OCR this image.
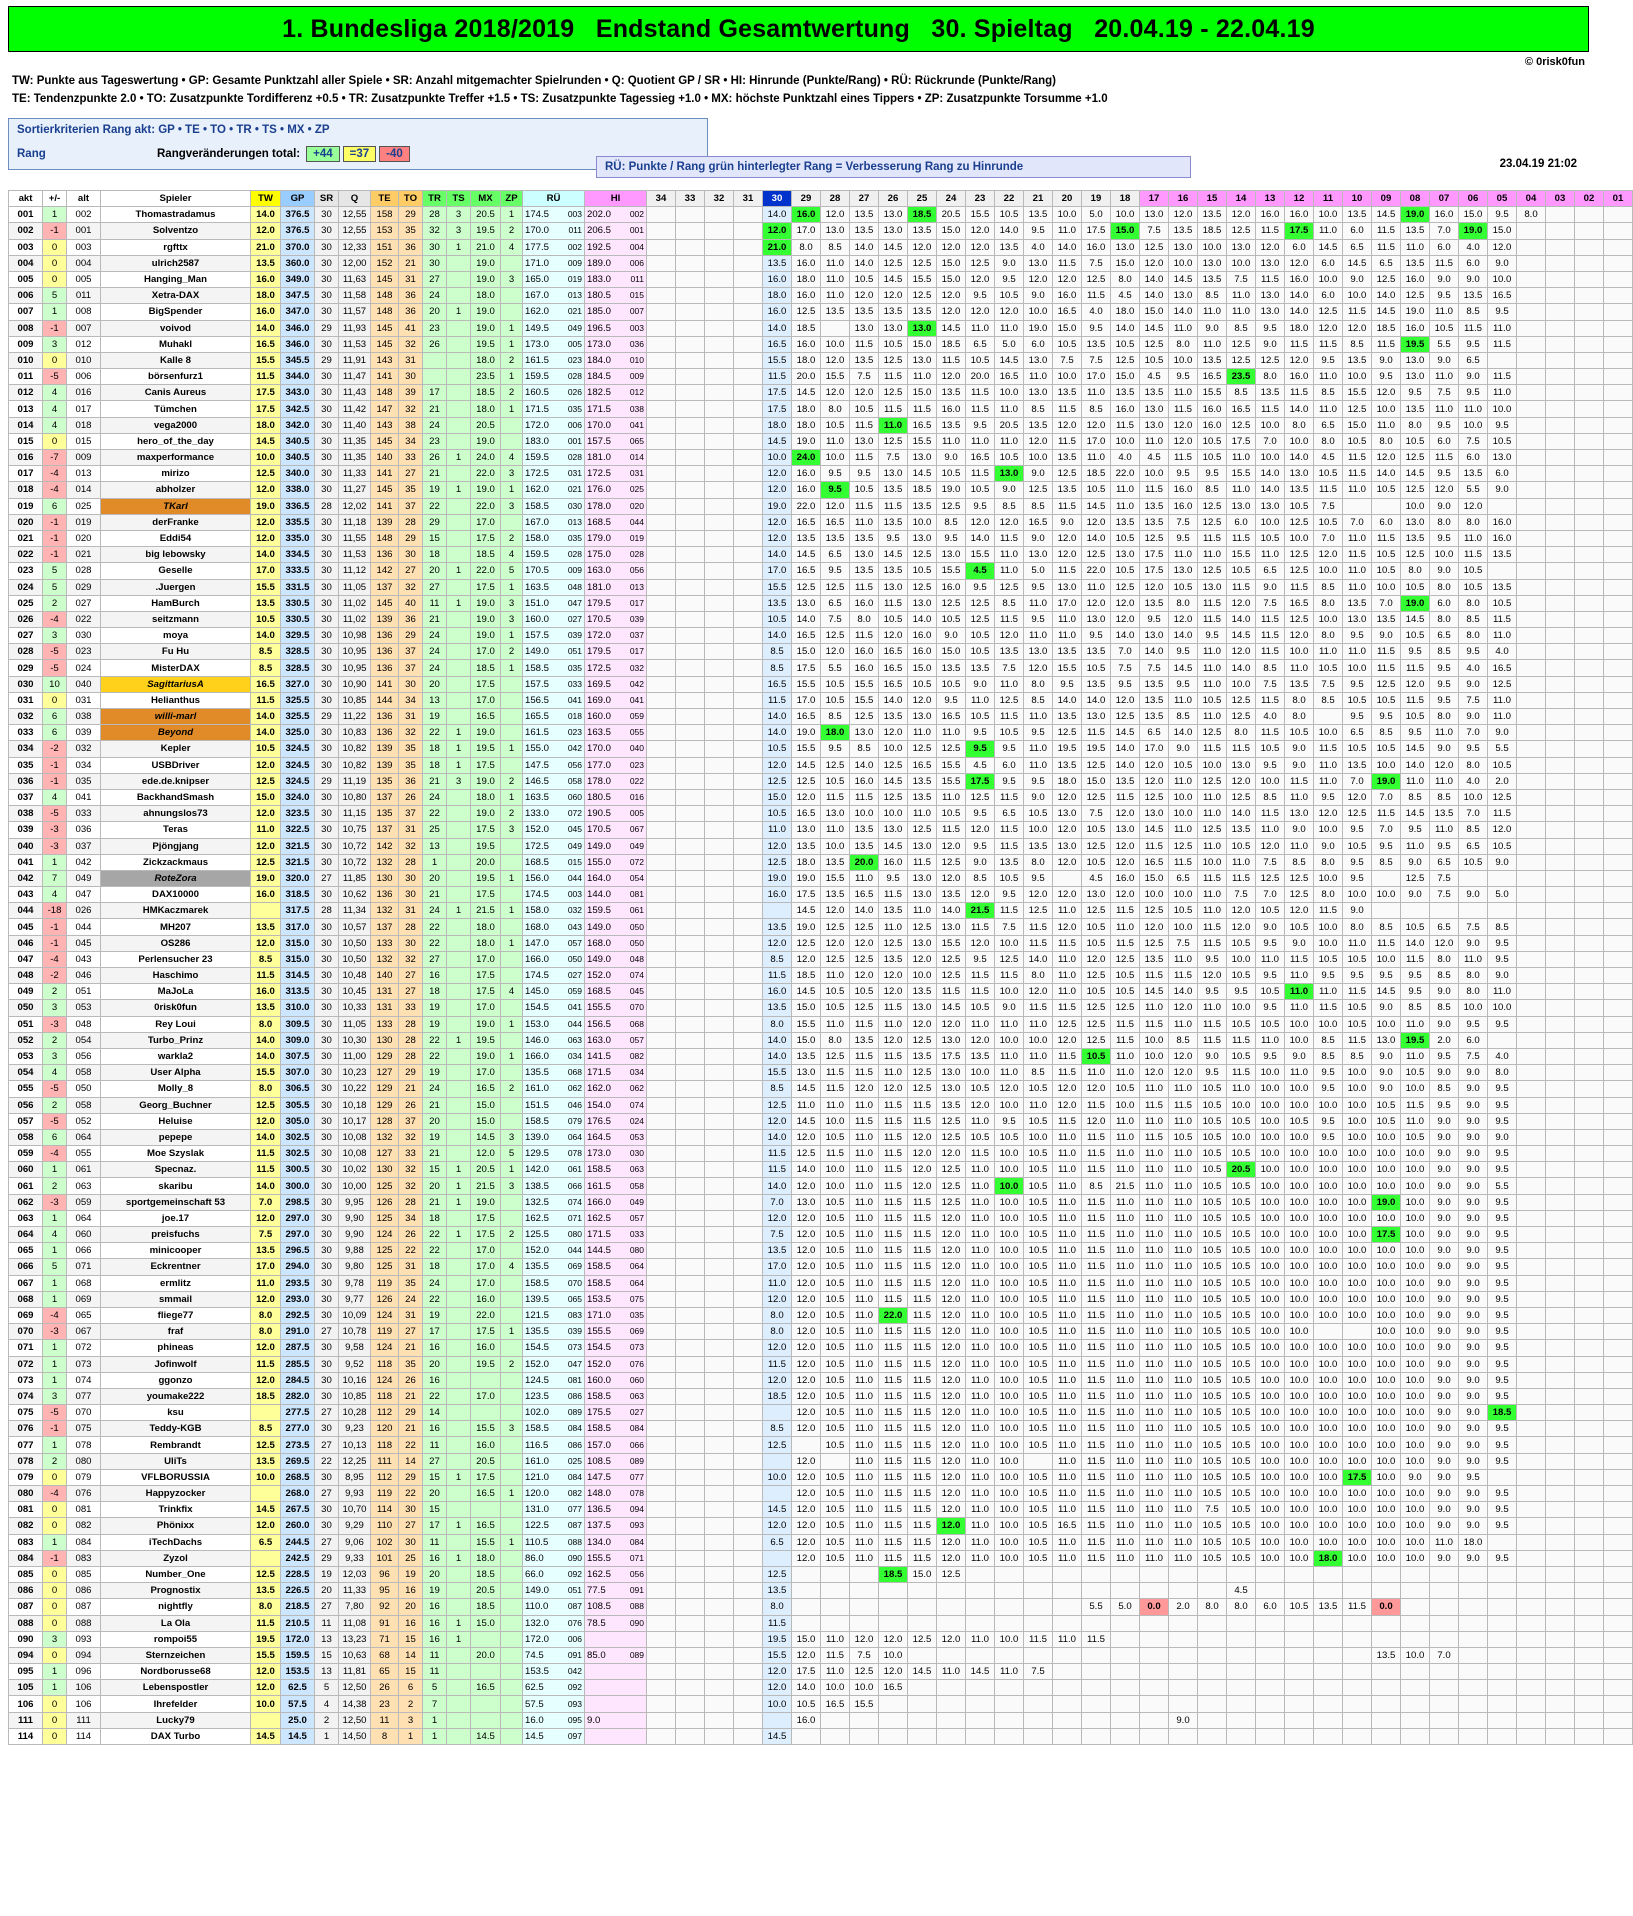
1. Bundesliga 2018/2019   Endstand Gesamtwertung   30. Spieltag   20.04.19 - 22.04.19
© 0risk0fun
TW: Punkte aus Tageswertung • GP: Gesamte Punktzahl aller Spiele • SR: Anzahl mitgemachter Spielrunden • Q: Quotient GP / SR • HI: Hinrunde (Punkte/Rang) • RÜ: Rückrunde (Punkte/Rang)
TE: Tendenzpunkte 2.0 • TO: Zusatzpunkte Tordifferenz +0.5 • TR: Zusatzpunkte Treffer +1.5 • TS: Zusatzpunkte Tagessieg +1.0 • MX: höchste Punktzahl eines Tippers • ZP: Zusatzpunkte Torsumme +1.0
Sortierkriterien Rang akt: GP • TE • TO • TR • TS • MX • ZP
Rang	Rangveränderungen total:	+44	=37	-40
RÜ: Punkte / Rang grün hinterlegter Rang = Verbesserung Rang zu Hinrunde	23.04.19 21:02
akt	+/-	alt	Spieler	TW	GP	SR	Q	TE	TO	TR	TS	MX	ZP	RÜ	HI	34	33	32	31	30	29	28	27	26	25	24	23	22	21	20	19	18	17	16	15	14	13	12	11	10	09	08	07	06	05	04	03	02	01
001	1	002	Thomastradamus	14.0	376.5	30	12,55	158	29	28	3	20.5	1	174.5 003	202.0 002					14.0	16.0	12.0	13.5	13.0	18.5	20.5	15.5	10.5	13.5	10.0	5.0	10.0	13.0	12.0	13.5	12.0	16.0	16.0	10.0	13.5	14.5	19.0	16.0	15.0	9.5	8.0			
002	-1	001	Solventzo	12.0	376.5	30	12,55	153	35	32	3	19.5	2	170.0 011	206.5 001					12.0	17.0	13.0	13.5	13.0	13.5	15.0	12.0	14.0	9.5	11.0	17.5	15.0	7.5	13.5	18.5	12.5	11.5	17.5	11.0	6.0	11.5	13.5	7.0	19.0	15.0				
003	0	003	rgfttx	21.0	370.0	30	12,33	151	36	30	1	21.0	4	177.5 002	192.5 004					21.0	8.0	8.5	14.0	14.5	12.0	12.0	12.0	13.5	4.0	14.0	16.0	13.0	12.5	13.0	10.0	13.0	12.0	6.0	14.5	6.5	11.5	11.0	6.0	4.0	12.0				
004	0	004	ulrich2587	13.5	360.0	30	12,00	152	21	30		19.0		171.0 009	189.0 006					13.5	16.0	11.0	14.0	12.5	12.5	15.0	12.5	9.0	13.0	11.5	7.5	15.0	12.0	10.0	13.0	10.0	13.0	12.0	6.0	14.5	6.5	13.5	11.5	6.0	9.0				
005	0	005	Hanging_Man	16.0	349.0	30	11,63	145	31	27		19.0	3	165.0 019	183.0 011					16.0	18.0	11.0	10.5	14.5	15.5	15.0	12.0	9.5	12.0	12.0	12.5	8.0	14.0	14.5	13.5	7.5	11.5	16.0	10.0	9.0	12.5	16.0	9.0	9.0	10.0				
006	5	011	Xetra-DAX	18.0	347.5	30	11,58	148	36	24		18.0		167.0 013	180.5 015					18.0	16.0	11.0	12.0	12.0	12.5	12.0	9.5	10.5	9.0	16.0	11.5	4.5	14.0	13.0	8.5	11.0	13.0	14.0	6.0	10.0	14.0	12.5	9.5	13.5	16.5				
007	1	008	BigSpender	16.0	347.0	30	11,57	148	36	20	1	19.0		162.0 021	185.0 007					16.0	12.5	13.5	13.5	13.5	13.5	12.0	12.0	12.0	10.0	16.5	4.0	18.0	15.0	14.0	11.0	11.0	13.0	14.0	12.5	11.5	14.5	19.0	11.0	8.5	9.5				
008	-1	007	voivod	14.0	346.0	29	11,93	145	41	23		19.0	1	149.5 049	196.5 003					14.0	18.5		13.0	13.0	13.0	14.5	11.0	11.0	19.0	15.0	9.5	14.0	14.5	11.0	9.0	8.5	9.5	18.0	12.0	12.0	18.5	16.0	10.5	11.5	11.0				
009	3	012	Muhakl	16.5	346.0	30	11,53	145	32	26		19.5	1	173.0 005	173.0 036					16.5	16.0	10.0	11.5	10.5	15.0	18.5	6.5	5.0	6.0	10.5	13.5	10.5	12.5	8.0	11.0	12.5	9.0	11.5	11.5	8.5	11.5	19.5	5.5	9.5	11.5				
010	0	010	Kalle 8	15.5	345.5	29	11,91	143	31			18.0	2	161.5 023	184.0 010					15.5	18.0	12.0	13.5	12.5	13.0	11.5	10.5	14.5	13.0	7.5	7.5	12.5	10.5	10.0	13.5	12.5	12.5	12.0	9.5	13.5	9.0	13.0	9.0	6.5					
011	-5	006	börsenfurz1	11.5	344.0	30	11,47	141	30			23.5	1	159.5 028	184.5 009					11.5	20.0	15.5	7.5	11.5	11.0	12.0	20.0	16.5	11.0	10.0	17.0	15.0	4.5	9.5	16.5	23.5	8.0	16.0	11.0	10.0	9.5	13.0	11.0	9.0	11.5				
012	4	016	Canis Aureus	17.5	343.0	30	11,43	148	39	17		18.5	2	160.5 026	182.5 012					17.5	14.5	12.0	12.0	12.5	15.0	13.5	11.5	10.0	13.0	13.5	11.0	13.5	13.5	11.0	15.5	8.5	13.5	11.5	8.5	15.5	12.0	9.5	7.5	9.5	11.0				
013	4	017	Tümchen	17.5	342.5	30	11,42	147	32	21		18.0	1	171.5 035	171.5 038					17.5	18.0	8.0	10.5	11.5	11.5	16.0	11.5	11.0	8.5	11.5	8.5	16.0	13.0	11.5	16.0	16.5	11.5	14.0	11.0	12.5	10.0	13.5	11.0	11.0	10.0				
014	4	018	vega2000	18.0	342.0	30	11,40	143	38	24		20.5		172.0 006	170.0 041					18.0	18.0	10.5	11.5	11.0	16.5	13.5	9.5	20.5	13.5	12.0	12.0	11.5	13.0	12.0	16.0	12.5	10.0	8.0	6.5	15.0	11.0	8.0	9.5	10.0	9.5				
015	0	015	hero_of_the_day	14.5	340.5	30	11,35	145	34	23		19.0		183.0 001	157.5 065					14.5	19.0	11.0	13.0	12.5	15.5	11.0	11.0	11.0	12.0	11.5	17.0	10.0	11.0	12.0	10.5	17.5	7.0	10.0	8.0	10.5	8.0	10.5	6.0	7.5	10.5				
016	-7	009	maxperformance	10.0	340.5	30	11,35	140	33	26	1	24.0	4	159.5 028	181.0 014					10.0	24.0	10.0	11.5	7.5	13.0	9.0	16.5	10.5	10.0	13.5	11.0	4.0	4.5	11.5	10.5	11.0	10.0	14.0	4.5	11.5	12.0	12.5	11.5	6.0	13.0				
017	-4	013	mirizo	12.5	340.0	30	11,33	141	27	21		22.0	3	172.5 031	172.5 031					12.0	16.0	9.5	9.5	13.0	14.5	10.5	11.5	13.0	9.0	12.5	18.5	22.0	10.0	9.5	9.5	15.5	14.0	13.0	10.5	11.5	14.0	14.5	9.5	13.5	6.0				
018	-4	014	abholzer	12.0	338.0	30	11,27	145	35	19	1	19.0	1	162.0 021	176.0 025					12.0	16.0	9.5	10.5	13.5	18.5	19.0	10.5	9.0	12.5	13.5	10.5	11.0	11.5	16.0	8.5	11.0	14.0	13.5	11.5	11.0	10.5	12.5	12.0	5.5	9.0				
019	6	025	TKarl	19.0	336.5	28	12,02	141	37	22		22.0	3	158.5 030	178.0 020					19.0	22.0	12.0	11.5	11.5	13.5	12.5	9.5	8.5	8.5	11.5	14.5	11.0	13.5	16.0	12.5	13.0	13.0	10.5	7.5			10.0	9.0	12.0					
020	-1	019	derFranke	12.0	335.5	30	11,18	139	28	29		17.0		167.0 013	168.5 044					12.0	16.5	16.5	11.0	13.5	10.0	8.5	12.0	12.0	16.5	9.0	12.0	13.5	13.5	7.5	12.5	6.0	10.0	12.5	10.5	7.0	6.0	13.0	8.0	8.0	16.0				
021	-1	020	Eddi54	12.0	335.0	30	11,55	148	29	15		17.5	2	158.0 035	179.0 019					12.0	13.5	13.5	13.5	9.5	13.0	9.5	14.0	11.5	9.0	12.0	14.0	10.5	12.5	9.5	11.5	11.5	10.5	10.0	7.0	11.0	11.5	13.5	9.5	11.0	16.0				
022	-1	021	big lebowsky	14.0	334.5	30	11,53	136	30	18		18.5	4	159.5 028	175.0 028					14.0	14.5	6.5	13.0	14.5	12.5	13.0	15.5	11.0	13.0	12.0	12.5	13.0	17.5	11.0	11.0	15.5	11.0	12.5	12.0	11.5	10.5	12.5	10.0	11.5	13.5				
023	5	028	Geselle	17.0	333.5	30	11,12	142	27	20	1	22.0	5	170.5 009	163.0 056					17.0	16.5	9.5	13.5	13.5	10.5	15.5	4.5	11.0	5.0	11.5	22.0	10.5	17.5	13.0	12.5	10.5	6.5	12.5	10.0	11.0	10.5	8.0	9.0	10.5					
024	5	029	.Juergen	15.5	331.5	30	11,05	137	32	27		17.5	1	163.5 048	181.0 013					15.5	12.5	12.5	11.5	13.0	12.5	16.0	9.5	12.5	9.5	13.0	11.0	12.5	12.0	10.5	13.0	11.5	9.0	11.5	8.5	11.0	10.0	10.5	8.0	10.5	13.5				
025	2	027	HamBurch	13.5	330.5	30	11,02	145	40	11	1	19.0	3	151.0 047	179.5 017					13.5	13.0	6.5	16.0	11.5	13.0	12.5	12.5	8.5	11.0	17.0	12.0	12.0	13.5	8.0	11.5	12.0	7.5	16.5	8.0	13.5	7.0	19.0	6.0	8.0	10.5				
026	-4	022	seitzmann	10.5	330.5	30	11,02	139	36	21		19.0	3	160.0 027	170.5 039					10.5	14.0	7.5	8.0	10.5	14.0	10.5	12.5	11.5	9.5	11.0	13.0	12.0	9.5	12.0	11.5	14.0	11.5	12.5	10.0	13.0	13.5	14.5	8.0	8.5	11.5				
027	3	030	moya	14.0	329.5	30	10,98	136	29	24		19.0	1	157.5 039	172.0 037					14.0	16.5	12.5	11.5	12.0	16.0	9.0	10.5	12.0	11.0	11.0	9.5	14.0	13.0	14.0	9.5	14.5	11.5	12.0	8.0	9.5	9.0	10.5	6.5	8.0	11.0				
028	-5	023	Fu Hu	8.5	328.5	30	10,95	136	37	24		17.0	2	149.0 051	179.5 017					8.5	15.0	12.0	16.0	16.5	16.0	15.0	10.5	13.5	13.0	13.5	13.5	7.0	14.0	9.5	11.0	12.0	11.5	10.0	11.0	11.0	11.5	9.5	8.5	9.5	4.0				
029	-5	024	MisterDAX	8.5	328.5	30	10,95	136	37	24		18.5	1	158.5 035	172.5 032					8.5	17.5	5.5	16.0	16.5	15.0	13.5	13.5	7.5	12.0	15.5	10.5	7.5	7.5	14.5	11.0	14.0	8.5	11.0	10.5	10.0	11.5	11.5	9.5	4.0	16.5				
030	10	040	SagittariusA	16.5	327.0	30	10,90	141	30	20		17.5		157.5 033	169.5 042					16.5	15.5	10.5	15.5	16.5	10.5	10.5	9.0	11.0	8.0	9.5	13.5	9.5	13.5	9.5	11.0	10.0	7.5	13.5	7.5	9.5	12.5	12.0	9.5	9.0	12.5				
031	0	031	Helianthus	11.5	325.5	30	10,85	144	34	13		17.0		156.5 041	169.0 041					11.5	17.0	10.5	15.5	14.0	12.0	9.5	11.0	12.5	8.5	14.0	14.0	12.0	13.5	11.0	10.5	12.5	11.5	8.0	8.5	10.5	10.5	11.5	9.5	7.5	11.0				
032	6	038	willi-marl	14.0	325.5	29	11,22	136	31	19		16.5		165.5 018	160.0 059					14.0	16.5	8.5	12.5	13.5	13.0	16.5	10.5	11.5	11.0	13.5	13.0	12.5	13.5	8.5	11.0	12.5	4.0	8.0		9.5	9.5	10.5	8.0	9.0	11.0				
033	6	039	Beyond	14.0	325.0	30	10,83	136	32	22	1	19.0		161.5 023	163.5 055					14.0	19.0	18.0	13.0	12.0	11.0	11.0	9.5	10.5	9.5	12.5	11.5	14.5	6.5	14.0	12.5	8.0	11.5	10.5	10.0	6.5	8.5	9.5	11.0	7.0	9.0				
034	-2	032	Kepler	10.5	324.5	30	10,82	139	35	18	1	19.5	1	155.0 042	170.0 040					10.5	15.5	9.5	8.5	10.0	12.5	12.5	9.5	9.5	11.0	19.5	19.5	14.0	17.0	9.0	11.5	11.5	10.5	9.0	11.5	10.5	10.5	14.5	9.0	9.5	5.5				
035	-1	034	USBDriver	12.0	324.5	30	10,82	139	35	18	1	17.5		147.5 056	177.0 023					12.0	14.5	12.5	14.0	12.5	16.5	15.5	4.5	6.0	11.0	13.5	12.5	14.0	12.0	10.5	10.0	13.0	9.5	9.0	11.0	13.5	10.0	14.0	12.0	8.0	10.5				
036	-1	035	ede.de.knipser	12.5	324.5	29	11,19	135	36	21	3	19.0	2	146.5 058	178.0 022					12.5	12.5	10.5	16.0	14.5	13.5	15.5	17.5	9.5	9.5	18.0	15.0	13.5	12.0	11.0	12.5	12.0	10.0	11.5	11.0	7.0	19.0	11.0	11.0	4.0	2.0				
037	4	041	BackhandSmash	15.0	324.0	30	10,80	137	26	24		18.0	1	163.5 060	180.5 016					15.0	12.0	11.5	11.5	12.5	13.5	11.0	12.5	11.5	9.0	12.0	12.5	11.5	12.5	10.0	11.0	12.5	8.5	11.0	9.5	12.0	7.0	8.5	8.5	10.0	12.5				
038	-5	033	ahnungslos73	12.0	323.5	30	11,15	135	37	22		19.0	2	133.0 072	190.5 005					10.5	16.5	13.0	10.0	10.0	11.0	10.5	9.5	6.5	10.5	13.0	7.5	12.0	13.0	10.0	11.0	14.0	11.5	13.0	12.0	12.5	11.5	14.5	13.5	7.0	11.5				
039	-3	036	Teras	11.0	322.5	30	10,75	137	31	25		17.5	3	152.0 045	170.5 067					11.0	13.0	11.0	13.5	13.0	12.5	11.5	12.0	11.5	10.0	12.0	10.5	13.0	14.5	11.0	12.5	13.5	11.0	9.0	10.0	9.5	7.0	9.5	11.0	8.5	12.0				
040	-3	037	Pjöngjang	12.0	321.5	30	10,72	142	32	13		19.5		172.5 049	149.0 049					12.0	13.5	10.0	13.5	14.5	13.0	12.0	9.5	11.5	13.5	13.0	12.5	12.0	11.5	12.5	11.0	10.5	12.0	11.0	9.0	10.5	9.5	11.0	9.5	6.5	10.5				
041	1	042	Zickzackmaus	12.5	321.5	30	10,72	132	28	1		20.0		168.5 015	155.0 072					12.5	18.0	13.5	20.0	16.0	11.5	12.5	9.0	13.5	8.0	12.0	10.5	12.0	16.5	11.5	10.0	11.0	7.5	8.5	8.0	9.5	8.5	9.0	6.5	10.5	9.0				
042	7	049	RoteZora	19.0	320.0	27	11,85	130	30	20		19.5	1	156.0 044	164.0 054					19.0	19.0	15.5	11.0	9.5	13.0	12.0	8.5	10.5	9.5		4.5	16.0	15.0	6.5	11.5	11.5	12.5	12.5	10.0	9.5		12.5	7.5						
043	4	047	DAX10000	16.0	318.5	30	10,62	136	30	21		17.5		174.5 003	144.0 081					16.0	17.5	13.5	16.5	11.5	13.0	13.5	12.0	9.5	12.0	12.0	13.0	12.0	10.0	10.0	11.0	7.5	7.0	12.5	8.0	10.0	10.0	9.0	7.5	9.0	5.0				
044	-18	026	HMKaczmarek		317.5	28	11,34	132	31	24	1	21.5	1	158.0 032	159.5 061						14.5	12.0	14.0	13.5	11.0	14.0	21.5	11.5	12.5	11.0	12.5	11.5	12.5	10.5	11.0	12.0	10.5	12.0	11.5	9.0									
045	-1	044	MH207	13.5	317.0	30	10,57	137	28	22		18.0		168.0 043	149.0 050					13.5	19.0	12.5	12.5	11.0	12.5	13.0	11.5	7.5	11.5	12.0	10.5	11.0	12.0	10.0	11.5	12.0	9.0	10.5	10.0	8.0	8.5	10.5	6.5	7.5	8.5				
046	-1	045	OS286	12.0	315.0	30	10,50	133	30	22		18.0	1	147.0 057	168.0 050					12.0	12.5	12.0	12.0	12.5	13.0	15.5	12.0	10.0	11.5	11.5	10.5	11.5	12.5	7.5	11.5	10.5	9.5	9.0	10.0	11.0	11.5	14.0	12.0	9.0	9.5				
047	-4	043	Perlensucher 23	8.5	315.0	30	10,50	132	32	27		17.0		166.0 050	149.0 048					8.5	12.0	12.5	12.5	13.5	12.0	12.5	9.5	12.5	14.0	11.0	12.0	12.5	13.5	11.0	9.5	10.0	11.0	11.5	10.5	10.5	10.0	11.5	8.0	11.0	9.5				
048	-2	046	Haschimo	11.5	314.5	30	10,48	140	27	16		17.5		174.5 027	152.0 074					11.5	18.5	11.0	12.0	12.0	10.0	12.5	11.5	11.5	8.0	11.0	12.5	10.5	11.5	11.5	12.0	10.5	9.5	11.0	9.5	9.5	9.5	9.5	8.5	8.0	9.0				
049	2	051	MaJoLa	16.0	313.5	30	10,45	131	27	18		17.5	4	145.0 059	168.5 045					16.0	14.5	10.5	10.5	12.0	13.5	11.5	11.5	10.0	12.0	11.0	10.5	10.5	14.5	14.0	9.5	9.5	10.5	11.0	11.0	11.5	14.5	9.5	9.0	8.0	11.0				
050	3	053	0risk0fun	13.5	310.0	30	10,33	131	33	19		17.0		154.5 041	155.5 070					13.5	15.0	10.5	12.5	11.5	13.0	14.5	10.5	9.0	11.5	11.5	12.5	12.5	11.0	12.0	11.0	10.0	9.5	11.0	11.5	10.5	9.0	8.5	8.5	10.0	10.0				
051	-3	048	Rey Loui	8.0	309.5	30	11,05	133	28	19		19.0	1	153.0 044	156.5 068					8.0	15.5	11.0	11.5	11.0	12.0	12.0	11.0	11.0	11.0	12.5	12.5	11.5	11.5	11.0	11.5	10.5	10.5	10.0	10.0	10.5	10.0	11.0	9.0	9.5	9.5				
052	2	054	Turbo_Prinz	14.0	309.0	30	10,30	130	28	22	1	19.5		146.0 063	163.0 057					14.0	15.0	8.0	13.5	12.0	12.5	13.0	12.0	10.0	10.0	12.0	12.5	11.5	10.0	8.5	11.5	11.5	11.0	10.0	8.5	11.5	13.0	19.5	2.0	6.0					
053	3	056	warkla2	14.0	307.5	30	11,00	129	28	22		19.0	1	166.0 034	141.5 082					14.0	13.5	12.5	11.5	11.5	13.5	17.5	13.5	11.0	11.0	11.5	10.5	11.0	10.0	12.0	9.0	10.5	9.5	9.0	8.5	8.5	9.0	11.0	9.5	7.5	4.0				
054	4	058	User Alpha	15.5	307.0	30	10,23	127	29	19		17.0		135.5 068	171.5 034					15.5	13.0	11.5	11.5	11.0	12.5	13.0	10.0	11.0	8.5	11.5	11.0	11.0	12.0	12.0	9.5	11.5	10.0	11.0	9.5	10.0	9.0	10.5	9.0	9.0	8.0				
055	-5	050	Molly_8	8.0	306.5	30	10,22	129	21	24		16.5	2	161.0 062	162.0 062					8.5	14.5	11.5	12.0	12.0	12.5	13.0	10.5	12.0	10.5	12.0	12.0	10.5	11.0	11.0	10.5	11.0	10.0	10.0	9.5	10.0	9.0	10.0	8.5	9.0	9.5				
056	2	058	Georg_Buchner	12.5	305.5	30	10,18	129	26	21		15.0		151.5 046	154.0 074					12.5	11.0	11.0	11.0	11.5	11.5	13.5	12.0	10.0	11.0	12.0	11.5	10.0	11.5	11.5	10.5	10.0	10.0	10.0	10.0	10.0	10.5	11.5	9.5	9.0	9.5				
057	-5	052	Heluise	12.0	305.0	30	10,17	128	37	20		15.0		158.5 079	176.5 024					12.0	14.5	10.0	11.5	11.5	11.5	12.5	11.0	9.5	10.5	11.5	12.0	11.0	11.0	11.0	10.5	10.5	10.0	10.5	9.5	10.0	10.5	11.0	9.0	9.0	9.5				
058	6	064	pepepe	14.0	302.5	30	10,08	132	32	19		14.5	3	139.0 064	164.5 053					14.0	12.0	10.5	11.0	11.5	12.0	12.5	10.5	10.5	10.0	11.0	11.5	11.0	11.5	10.5	10.5	10.0	10.0	10.0	9.5	10.0	10.0	10.5	9.0	9.0	9.0				
059	-4	055	Moe Szyslak	11.5	302.5	30	10,08	127	33	21		12.0	5	129.5 078	173.0 030					11.5	12.5	11.5	11.0	11.5	12.0	12.0	11.5	10.0	10.5	11.0	11.5	11.0	11.0	11.0	10.5	10.5	10.0	10.0	10.0	10.0	10.0	10.0	9.0	9.0	9.5				
060	1	061	Specnaz.	11.5	300.5	30	10,02	130	32	15	1	20.5	1	142.0 061	158.5 063					11.5	14.0	10.0	11.0	11.5	12.0	12.5	11.0	10.0	10.5	11.0	11.5	11.0	11.0	11.0	10.5	20.5	10.0	10.0	10.0	10.0	10.0	10.0	9.0	9.0	9.5				
061	2	063	skaribu	14.0	300.0	30	10,00	125	32	20	1	21.5	3	138.5 066	161.5 058					14.0	12.0	10.0	11.0	11.5	12.0	12.5	11.0	10.0	10.5	11.0	8.5	21.5	11.0	11.0	10.5	10.5	10.0	10.0	10.0	10.0	10.0	10.0	9.0	9.0	5.5				
062	-3	059	sportgemeinschaft 53	7.0	298.5	30	9,95	126	28	21	1	19.0		132.5 074	166.0 049					7.0	13.0	10.5	11.0	11.5	11.5	12.5	11.0	10.0	10.5	11.0	11.5	11.0	11.0	11.0	10.5	10.5	10.0	10.0	10.0	10.0	19.0	10.0	9.0	9.0	9.5				
063	1	064	joe.17	12.0	297.0	30	9,90	125	34	18		17.5		162.5 071	162.5 057					12.0	12.0	10.5	11.0	11.5	11.5	12.0	11.0	10.0	10.5	11.0	11.5	11.0	11.0	11.0	10.5	10.5	10.0	10.0	10.0	10.0	10.0	10.0	9.0	9.0	9.5				
064	4	060	preisfuchs	7.5	297.0	30	9,90	124	26	22	1	17.5	2	125.5 080	171.5 033					7.5	12.0	10.5	11.0	11.5	11.5	12.0	11.0	10.0	10.5	11.0	11.5	11.0	11.0	11.0	10.5	10.5	10.0	10.0	10.0	10.0	17.5	10.0	9.0	9.0	9.5				
065	1	066	minicooper	13.5	296.5	30	9,88	125	22	22		17.0		152.0 044	144.5 080					13.5	12.0	10.5	11.0	11.5	11.5	12.0	11.0	10.0	10.5	11.0	11.5	11.0	11.0	11.0	10.5	10.5	10.0	10.0	10.0	10.0	10.0	10.0	9.0	9.0	9.5				
066	5	071	Eckrentner	17.0	294.0	30	9,80	125	31	18		17.0	4	135.5 069	158.5 064					17.0	12.0	10.5	11.0	11.5	11.5	12.0	11.0	10.0	10.5	11.0	11.5	11.0	11.0	11.0	10.5	10.5	10.0	10.0	10.0	10.0	10.0	10.0	9.0	9.0	9.5				
067	1	068	ermlitz	11.0	293.5	30	9,78	119	35	24		17.0		158.5 070	158.5 064					11.0	12.0	10.5	11.0	11.5	11.5	12.0	11.0	10.0	10.5	11.0	11.5	11.0	11.0	11.0	10.5	10.5	10.0	10.0	10.0	10.0	10.0	10.0	9.0	9.0	9.5				
068	1	069	smmail	12.0	293.0	30	9,77	126	24	22		16.0		139.5 065	153.5 075					12.0	12.0	10.5	11.0	11.5	11.5	12.0	11.0	10.0	10.5	11.0	11.5	11.0	11.0	11.0	10.5	10.5	10.0	10.0	10.0	10.0	10.0	10.0	9.0	9.0	9.5				
069	-4	065	fliege77	8.0	292.5	30	10,09	124	31	19		22.0		121.5 083	171.0 035					8.0	12.0	10.5	11.0	22.0	11.5	12.0	11.0	10.0	10.5	11.0	11.5	11.0	11.0	11.0	10.5	10.5	10.0	10.0	10.0	10.0	10.0	10.0	9.0	9.0	9.5				
070	-3	067	fraf	8.0	291.0	27	10,78	119	27	17		17.5	1	135.5 039	155.5 069					8.0	12.0	10.5	11.0	11.5	11.5	12.0	11.0	10.0	10.5	11.0	11.5	11.0	11.0	11.0	10.5	10.5	10.0	10.0			10.0	10.0	9.0	9.0	9.5				
071	1	072	phineas	12.0	287.5	30	9,58	124	21	16		16.0		154.5 073	154.5 073					12.0	12.0	10.5	11.0	11.5	11.5	12.0	11.0	10.0	10.5	11.0	11.5	11.0	11.0	11.0	10.5	10.5	10.0	10.0	10.0	10.0	10.0	10.0	9.0	9.0	9.5				
072	1	073	Jofinwolf	11.5	285.5	30	9,52	118	35	20		19.5	2	152.0 047	152.0 076					11.5	12.0	10.5	11.0	11.5	11.5	12.0	11.0	10.0	10.5	11.0	11.5	11.0	11.0	11.0	10.5	10.5	10.0	10.0	10.0	10.0	10.0	10.0	9.0	9.0	9.5				
073	1	074	ggonzo	12.0	284.5	30	10,16	124	26	16				124.5 081	160.0 060					12.0	12.0	10.5	11.0	11.5	11.5	12.0	11.0	10.0	10.5	11.0	11.5	11.0	11.0	11.0	10.5	10.5	10.0	10.0	10.0	10.0	10.0	10.0	9.0	9.0	9.5				
074	3	077	youmake222	18.5	282.0	30	10,85	118	21	22		17.0		123.5 086	158.5 063					18.5	12.0	10.5	11.0	11.5	11.5	12.0	11.0	10.0	10.5	11.0	11.5	11.0	11.0	11.0	10.5	10.5	10.0	10.0	10.0	10.0	10.0	10.0	9.0	9.0	9.5				
075	-5	070	ksu		277.5	27	10,28	112	29	14				102.0 089	175.5 027						12.0	10.5	11.0	11.5	11.5	12.0	11.0	10.0	10.5	11.0	11.5	11.0	11.0	11.0	10.5	10.5	10.0	10.0	10.0	10.0	10.0	10.0	9.0	9.0	18.5				
076	-1	075	Teddy-KGB	8.5	277.0	30	9,23	120	21	16		15.5	3	158.5 084	158.5 084					8.5	12.0	10.5	11.0	11.5	11.5	12.0	11.0	10.0	10.5	11.0	11.5	11.0	11.0	11.0	10.5	10.5	10.0	10.0	10.0	10.0	10.0	10.0	9.0	9.0	9.5				
077	1	078	Rembrandt	12.5	273.5	27	10,13	118	22	11		16.0		116.5 086	157.0 066					12.5		10.5	11.0	11.5	11.5	12.0	11.0	10.0	10.5	11.0	11.5	11.0	11.0	11.0	10.5	10.5	10.0	10.0	10.0	10.0	10.0	10.0	9.0	9.0	9.5				
078	2	080	UliTs	13.5	269.5	22	12,25	111	14	27		20.5		161.0 025	108.5 089						12.0		11.0	11.5	11.5	12.0	11.0	10.0		11.0	11.5	11.0	11.0	11.0	10.5	10.5	10.0	10.0	10.0	10.0	10.0	10.0	9.0	9.0	9.5				
079	0	079	VFLBORUSSIA	10.0	268.5	30	8,95	112	29	15	1	17.5		121.0 084	147.5 077					10.0	12.0	10.5	11.0	11.5	11.5	12.0	11.0	10.0	10.5	11.0	11.5	11.0	11.0	11.0	10.5	10.5	10.0	10.0	10.0	17.5	10.0	9.0	9.0	9.5					
080	-4	076	Happyzocker		268.0	27	9,93	119	22	20		16.5	1	120.0 082	148.0 078						12.0	10.5	11.0	11.5	11.5	12.0	11.0	10.0	10.5	11.0	11.5	11.0	11.0	11.0	10.5	10.5	10.0	10.0	10.0	10.0	10.0	10.0	9.0	9.0	9.5				
081	0	081	Trinkfix	14.5	267.5	30	10,70	114	30	15				131.0 077	136.5 094					14.5	12.0	10.5	11.0	11.5	11.5	12.0	11.0	10.0	10.5	11.0	11.5	11.0	11.0	11.0	7.5	10.5	10.0	10.0	10.0	10.0	10.0	10.0	9.0	9.0	9.5				
082	0	082	Phönixx	12.0	260.0	30	9,29	110	27	17	1	16.5		122.5 087	137.5 093					12.0	12.0	10.5	11.0	11.5	11.5	12.0	11.0	10.0	10.5	16.5	11.5	11.0	11.0	11.0	10.5	10.5	10.0	10.0	10.0	10.0	10.0	10.0	9.0	9.0	9.5				
083	1	084	iTechDachs	6.5	244.5	27	9,06	102	30	11		15.5	1	110.5 088	134.0 084					6.5	12.0	10.5	11.0	11.5	11.5	12.0	11.0	10.0	10.5	11.0	11.5	11.0	11.0	11.0	10.5	10.5	10.0	10.0	10.0	10.0	10.0	10.0	11.0	18.0					
084	-1	083	Zyzol		242.5	29	9,33	101	25	16	1	18.0		86.0 090	155.5 071						12.0	10.5	11.0	11.5	11.5	12.0	11.0	10.0	10.5	11.0	11.5	11.0	11.0	11.0	10.5	10.5	10.0	10.0	18.0	10.0	10.0	10.0	9.0	9.0	9.5				
085	0	085	Number_One	12.5	228.5	19	12,03	96	19	20		18.5		66.0 092	162.5 056					12.5				18.5	15.0	12.5																							
086	0	086	Prognostix	13.5	226.5	20	11,33	95	16	19		20.5		149.0 051	77.5 091					13.5																4.5													
087	0	087	nightfly	8.0	218.5	27	7,80	92	20	16		18.5		110.0 087	108.5 088					8.0											5.5	5.0	0.0	2.0	8.0	8.0	6.0	10.5	13.5	11.5	0.0								
088	0	088	La Ola	11.5	210.5	11	11,08	91	16	16	1	15.0		132.0 076	78.5 090					11.5																													
090	3	093	rompoi55	19.5	172.0	13	13,23	71	15	16	1			172.0 006						19.5	15.0	11.0	12.0	12.0	12.5	12.0	11.0	10.0	11.5	11.0	11.5																		
094	0	094	Sternzeichen	15.5	159.5	15	10,63	68	14	11		20.0		74.5 091	85.0 089					15.5	12.0	11.5	7.5	10.0																	13.5	10.0	7.0						
095	1	096	Nordborusse68	12.0	153.5	13	11,81	65	15	11				153.5 042						12.0	17.5	11.0	12.5	12.0	14.5	11.0	14.5	11.0	7.5																				
105	1	106	Lebenspostler	12.0	62.5	5	12,50	26	6	5		16.5		62.5 092						12.0	14.0	10.0	10.0	16.5																									
106	0	106	Ihrefelder	10.0	57.5	4	14,38	23	2	7				57.5 093						10.0	10.5	16.5	15.5																										
111	0	111	Lucky79		25.0	2	12,50	11	3	1				16.0 095	9.0						16.0													9.0															
114	0	114	DAX Turbo	14.5	14.5	1	14,50	8	1	1		14.5		14.5 097						14.5																													
